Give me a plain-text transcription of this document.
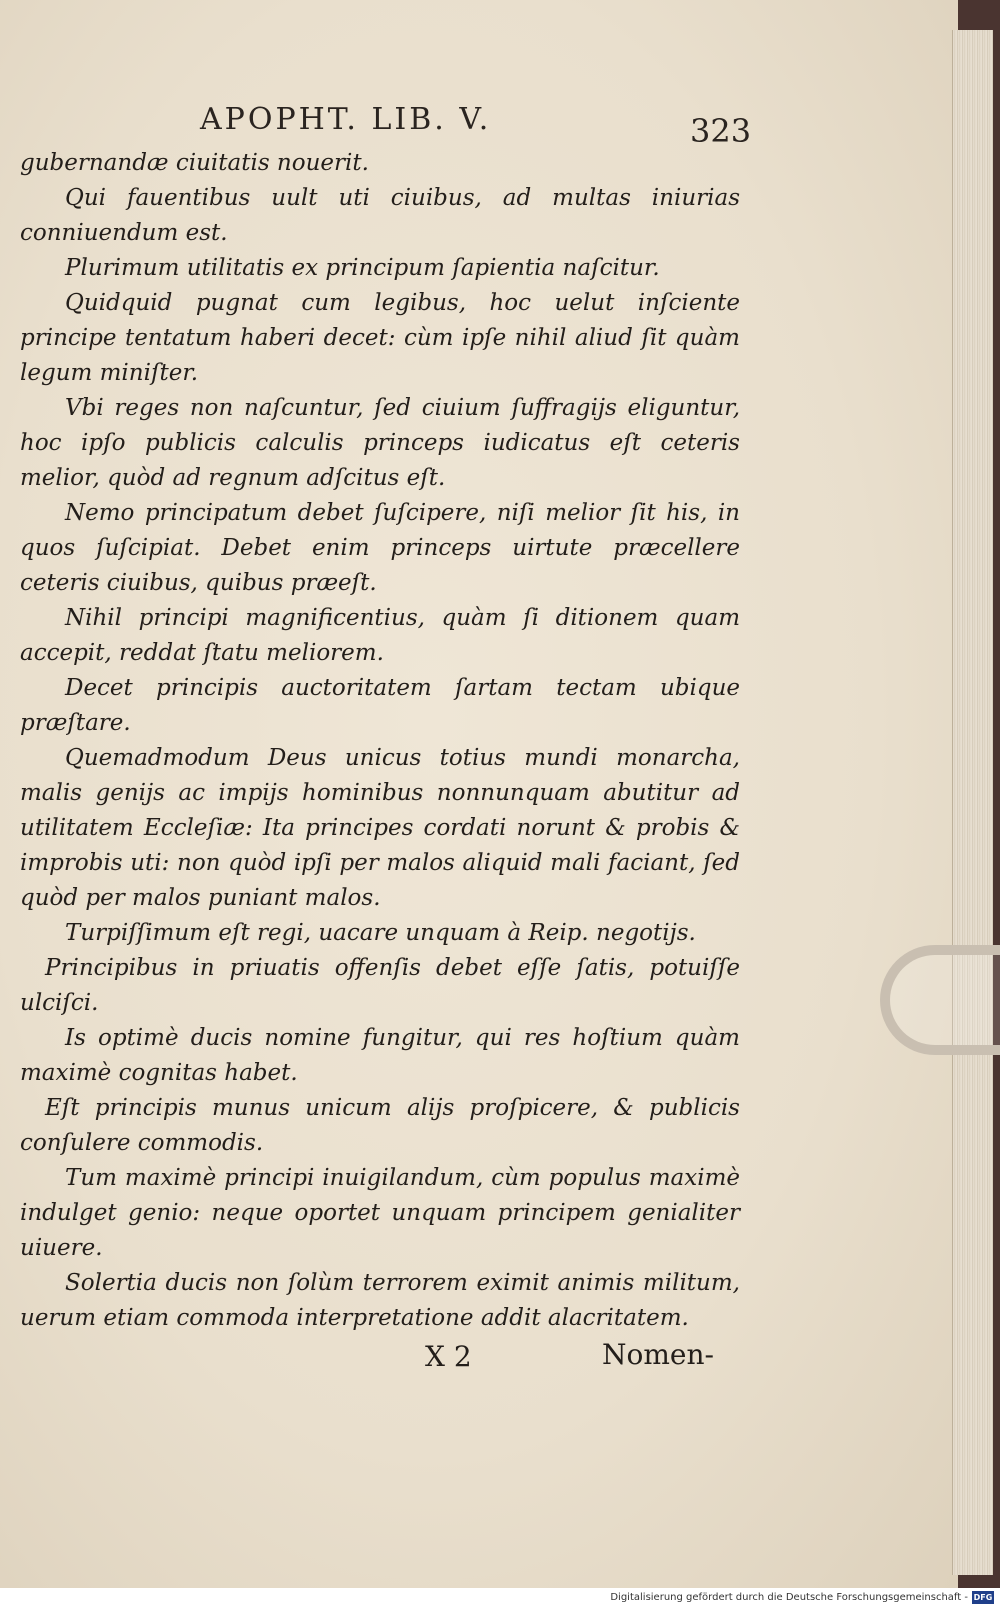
APOPHT. LIB. V.	323

gubernandæ ciuitatis nouerit.

Qui fauentibus uult uti ciuibus, ad multas iniurias conniuendum est.

Plurimum utilitatis ex principum ſapientia naſcitur.

Quidquid pugnat cum legibus, hoc uelut inſciente principe tentatum haberi decet: cùm ipſe nihil aliud ſit quàm legum miniſter.

Vbi reges non naſcuntur, ſed ciuium ſuffragijs eliguntur, hoc ipſo publicis calculis princeps iudicatus eſt ceteris melior, quòd ad regnum adſcitus eſt.

Nemo principatum debet ſuſcipere, niſi melior ſit his, in quos ſuſcipiat. Debet enim princeps uirtute præcellere ceteris ciuibus, quibus præeſt.

Nihil principi magnificentius, quàm ſi ditionem quam accepit, reddat ſtatu meliorem.

Decet principis auctoritatem ſartam tectam ubique præſtare.

Quemadmodum Deus unicus totius mundi monarcha, malis genijs ac impijs hominibus nonnunquam abutitur ad utilitatem Eccleſiæ: Ita principes cordati norunt & probis & improbis uti: non quòd ipſi per malos aliquid mali faciant, ſed quòd per malos puniant malos.

Turpiſſimum eſt regi, uacare unquam à Reip. negotijs.

Principibus in priuatis offenſis debet eſſe ſatis, potuiſſe ulciſci.

Is optimè ducis nomine fungitur, qui res hoſtium quàm maximè cognitas habet.

Eſt principis munus unicum alijs proſpicere, & publicis conſulere commodis.

Tum maximè principi inuigilandum, cùm populus maximè indulget genio: neque oportet unquam principem genialiter uiuere.

Solertia ducis non ſolùm terrorem eximit animis militum, uerum etiam commoda interpretatione addit alacritatem.

X 2	Nomen-
Digitalisierung gefördert durch die Deutsche Forschungsgemeinschaft - DFG
